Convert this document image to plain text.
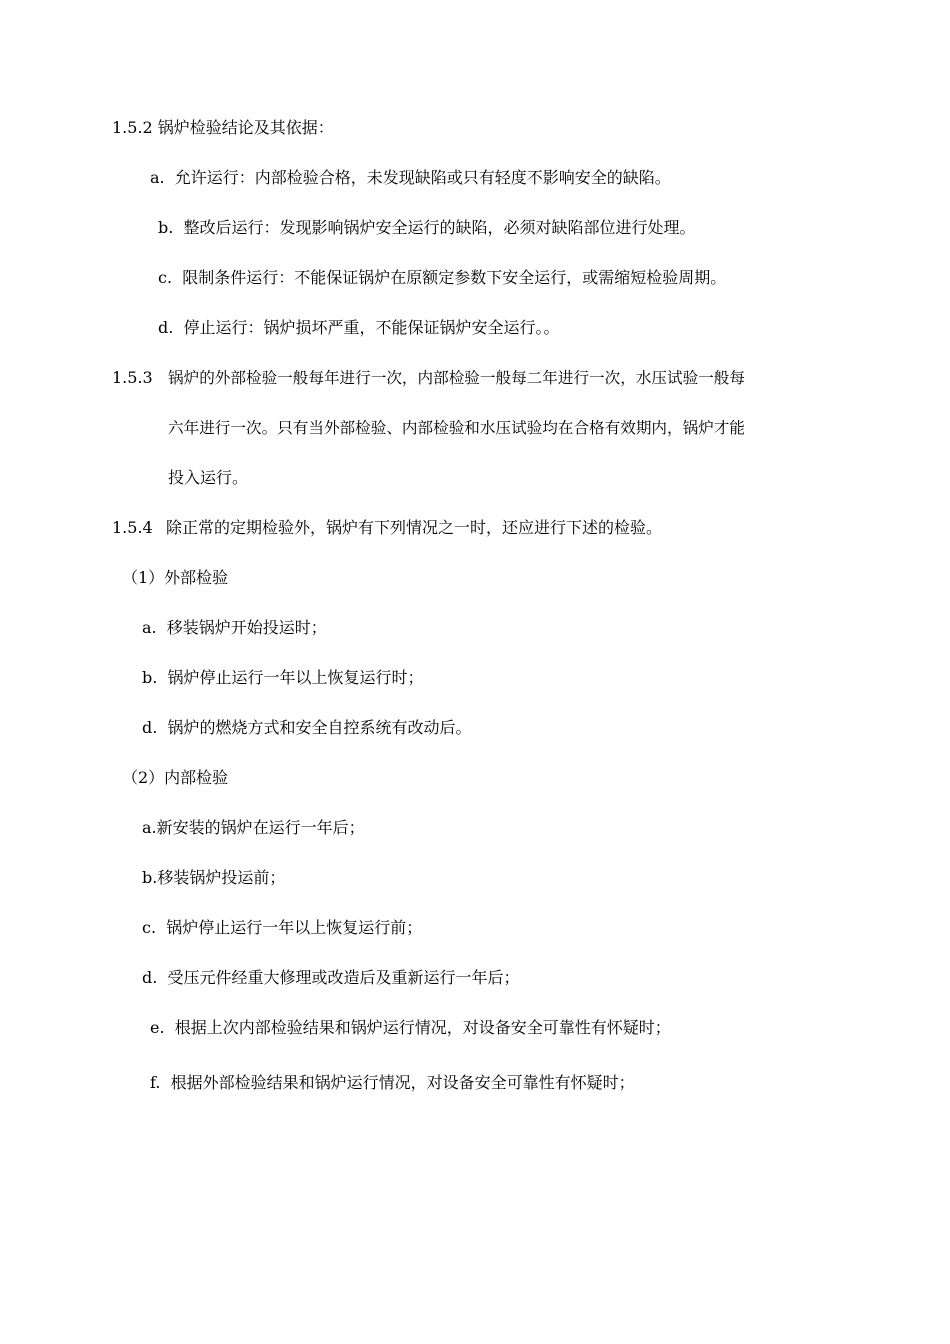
1.5.2 锅炉检验结论及其依据：
a. 允许运行：内部检验合格，未发现缺陷或只有轻度不影响安全的缺陷。
b. 整改后运行：发现影响锅炉安全运行的缺陷，必须对缺陷部位进行处理。
c. 限制条件运行：不能保证锅炉在原额定参数下安全运行，或需缩短检验周期。
d. 停止运行：锅炉损坏严重，不能保证锅炉安全运行。。
1.5.3 锅炉的外部检验一般每年进行一次，内部检验一般每二年进行一次，水压试验一般每
六年进行一次。只有当外部检验、内部检验和水压试验均在合格有效期内，锅炉才能
投入运行。
1.5.4 除正常的定期检验外，锅炉有下列情况之一时，还应进行下述的检验。
（1）外部检验
a. 移装锅炉开始投运时；
b. 锅炉停止运行一年以上恢复运行时；
d. 锅炉的燃烧方式和安全自控系统有改动后。
（2）内部检验
a.新安装的锅炉在运行一年后；
b.移装锅炉投运前；
c. 锅炉停止运行一年以上恢复运行前；
d. 受压元件经重大修理或改造后及重新运行一年后；
e. 根据上次内部检验结果和锅炉运行情况，对设备安全可靠性有怀疑时；
f. 根据外部检验结果和锅炉运行情况，对设备安全可靠性有怀疑时；
